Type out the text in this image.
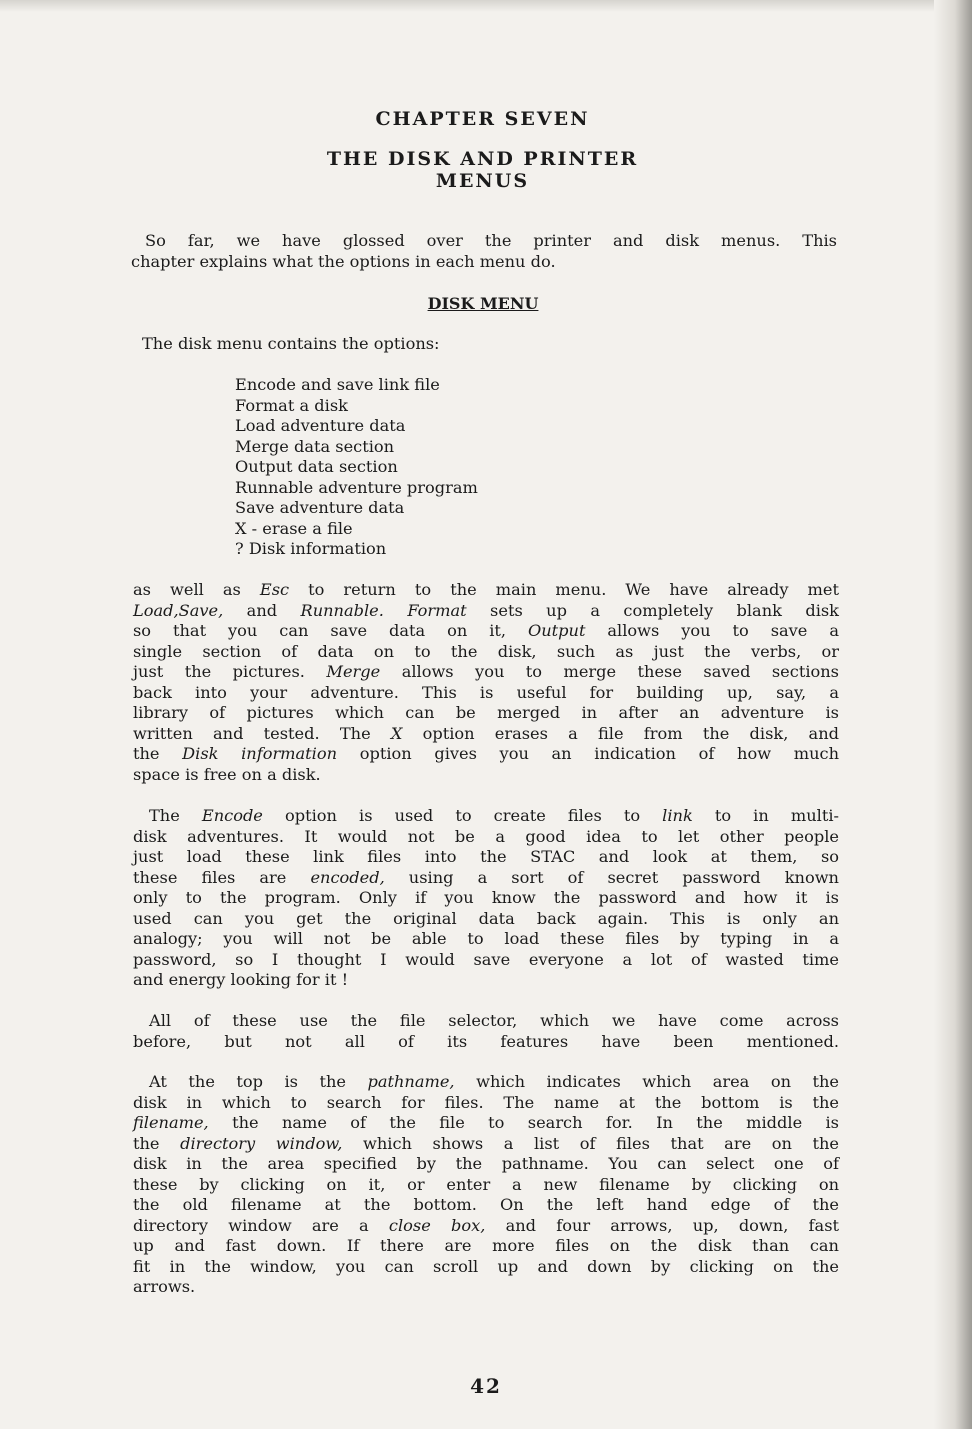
CHAPTER SEVEN
THE DISK AND PRINTER
MENUS
So far, we have glossed over the printer and disk menus. This
chapter explains what the options in each menu do.
DISK MENU
The disk menu contains the options:
Encode and save link file
Format a disk
Load adventure data
Merge data section
Output data section
Runnable adventure program
Save adventure data
X - erase a file
? Disk information
as well as Esc to return to the main menu. We have already met
Load,Save, and Runnable. Format sets up a completely blank disk
so that you can save data on it, Output allows you to save a
single section of data on to the disk, such as just the verbs, or
just the pictures. Merge allows you to merge these saved sections
back into your adventure. This is useful for building up, say, a
library of pictures which can be merged in after an adventure is
written and tested. The X option erases a file from the disk, and
the Disk information option gives you an indication of how much
space is free on a disk.
The Encode option is used to create files to link to in multi-
disk adventures. It would not be a good idea to let other people
just load these link files into the STAC and look at them, so
these files are encoded, using a sort of secret password known
only to the program. Only if you know the password and how it is
used can you get the original data back again. This is only an
analogy; you will not be able to load these files by typing in a
password, so I thought I would save everyone a lot of wasted time
and energy looking for it !
All of these use the file selector, which we have come across
before, but not all of its features have been mentioned.
At the top is the pathname, which indicates which area on the
disk in which to search for files. The name at the bottom is the
filename, the name of the file to search for. In the middle is
the directory window, which shows a list of files that are on the
disk in the area specified by the pathname. You can select one of
these by clicking on it, or enter a new filename by clicking on
the old filename at the bottom. On the left hand edge of the
directory window are a close box, and four arrows, up, down, fast
up and fast down. If there are more files on the disk than can
fit in the window, you can scroll up and down by clicking on the
arrows.
42
